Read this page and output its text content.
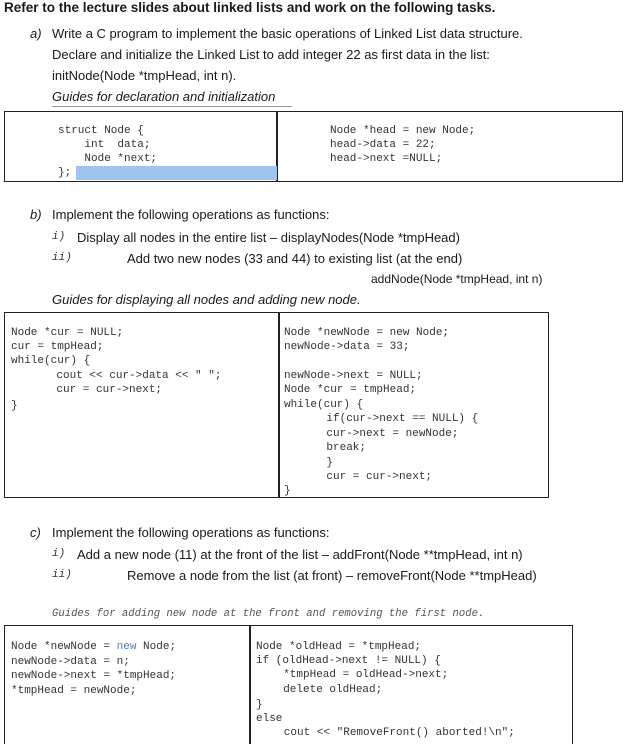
Refer to the lecture slides about linked lists and work on the following tasks.
a) Write a C program to implement the basic operations of Linked List data structure.
Declare and initialize the Linked List to add integer 22 as first data in the list:
initNode(Node *tmpHead, int n).
Guides for declaration and initialization
struct Node {
int  data;
Node *next;
};
Node *head = new Node;
head->data = 22;
head->next =NULL;
b) Implement the following operations as functions:
i) Display all nodes in the entire list – displayNodes(Node *tmpHead)
ii)	Add two new nodes (33 and 44) to existing list (at the end)
addNode(Node *tmpHead, int n)
Guides for displaying all nodes and adding new node.
Node *cur = NULL;
cur = tmpHead;
while(cur) {
cout << cur->data << " ";
cur = cur->next;
}
Node *newNode = new Node;
newNode->data = 33;
newNode->next = NULL;
Node *cur = tmpHead;
while(cur) {
if(cur->next == NULL) {
cur->next = newNode;
break;
}
cur = cur->next;
}
c) Implement the following operations as functions:
i) Add a new node (11) at the front of the list – addFront(Node **tmpHead, int n)
ii)	Remove a node from the list (at front) – removeFront(Node **tmpHead)
Guides for adding new node at the front and removing the first node.
Node *newNode = new Node;
newNode->data = n;
newNode->next = *tmpHead;
*tmpHead = newNode;
Node *oldHead = *tmpHead;
if (oldHead->next != NULL) {
*tmpHead = oldHead->next;
delete oldHead;
}
else
cout << "RemoveFront() aborted!\n";
